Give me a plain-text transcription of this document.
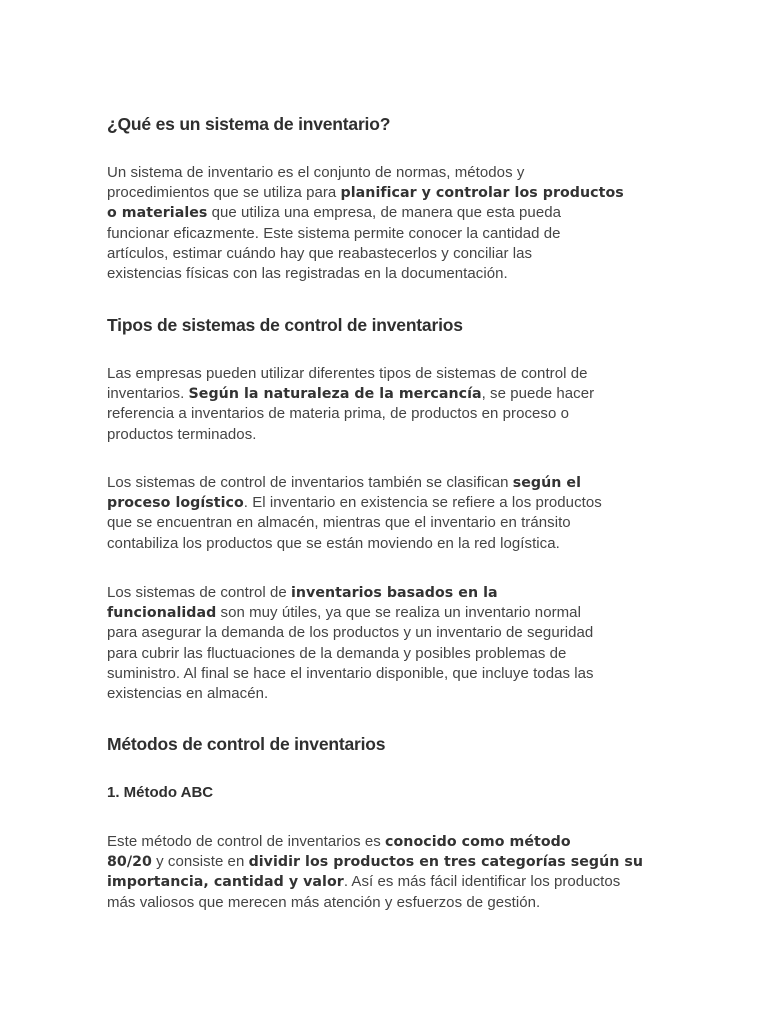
¿Qué es un sistema de inventario?

Un sistema de inventario es el conjunto de normas, métodos y
procedimientos que se utiliza para planificar y controlar los productos
o materiales que utiliza una empresa, de manera que esta pueda
funcionar eficazmente. Este sistema permite conocer la cantidad de
artículos, estimar cuándo hay que reabastecerlos y conciliar las
existencias físicas con las registradas en la documentación.

Tipos de sistemas de control de inventarios

Las empresas pueden utilizar diferentes tipos de sistemas de control de
inventarios. Según la naturaleza de la mercancía, se puede hacer
referencia a inventarios de materia prima, de productos en proceso o
productos terminados.

Los sistemas de control de inventarios también se clasifican según el
proceso logístico. El inventario en existencia se refiere a los productos
que se encuentran en almacén, mientras que el inventario en tránsito
contabiliza los productos que se están moviendo en la red logística.

Los sistemas de control de inventarios basados en la
funcionalidad son muy útiles, ya que se realiza un inventario normal
para asegurar la demanda de los productos y un inventario de seguridad
para cubrir las fluctuaciones de la demanda y posibles problemas de
suministro. Al final se hace el inventario disponible, que incluye todas las
existencias en almacén.

Métodos de control de inventarios
1. Método ABC

Este método de control de inventarios es conocido como método
80/20 y consiste en dividir los productos en tres categorías según su
importancia, cantidad y valor. Así es más fácil identificar los productos
más valiosos que merecen más atención y esfuerzos de gestión.
